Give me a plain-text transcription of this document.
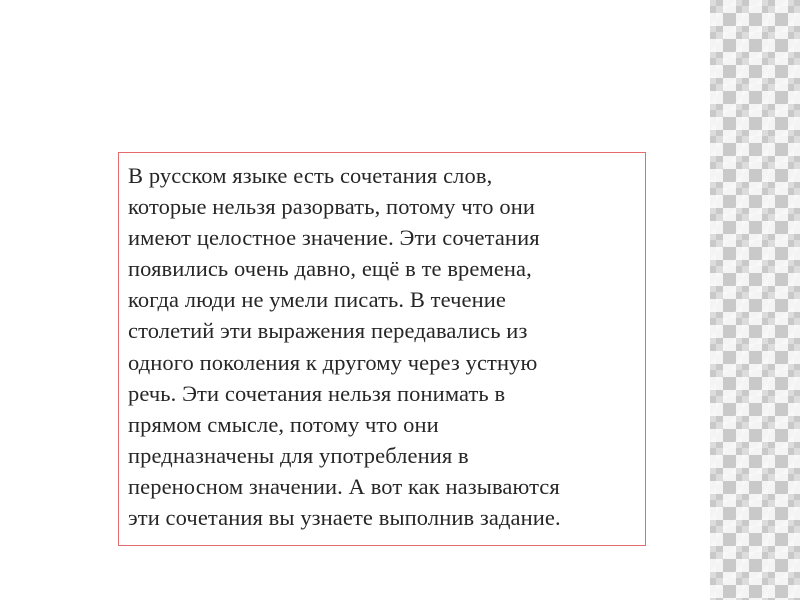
В русском языке есть сочетания слов,
которые нельзя разорвать, потому что они
имеют целостное значение. Эти сочетания
появились очень давно, ещё в те времена,
когда люди не умели писать. В течение
столетий эти выражения передавались из
одного поколения к другому через устную
речь. Эти сочетания нельзя понимать в
прямом смысле, потому что они
предназначены для употребления в
переносном значении. А вот как называются
эти сочетания вы узнаете выполнив задание.
